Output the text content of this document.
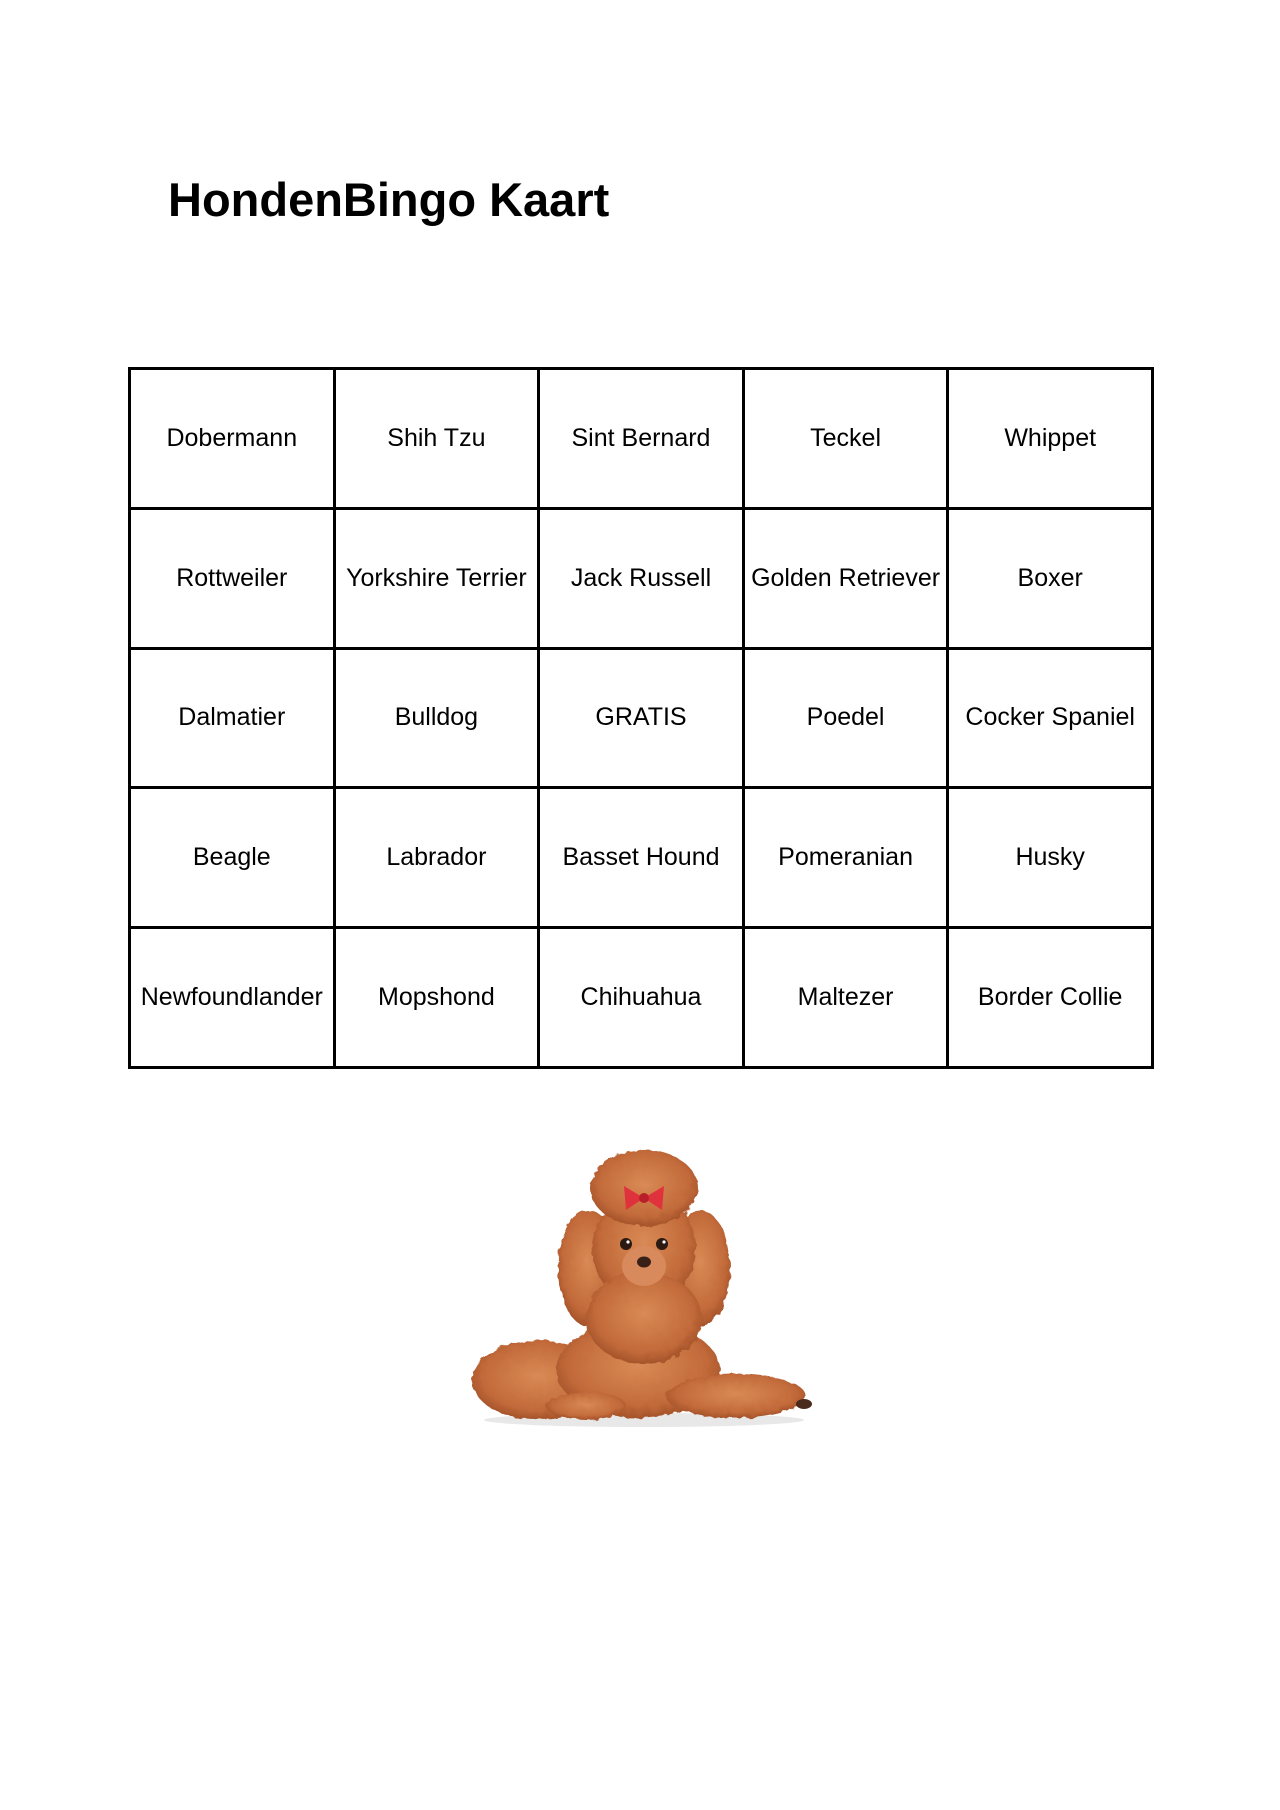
HondenBingo Kaart
Dobermann	Shih Tzu	Sint Bernard	Teckel	Whippet
Rottweiler	Yorkshire Terrier	Jack Russell	Golden Retriever	Boxer
Dalmatier	Bulldog	GRATIS	Poedel	Cocker Spaniel
Beagle	Labrador	Basset Hound	Pomeranian	Husky
Newfoundlander	Mopshond	Chihuahua	Maltezer	Border Collie
